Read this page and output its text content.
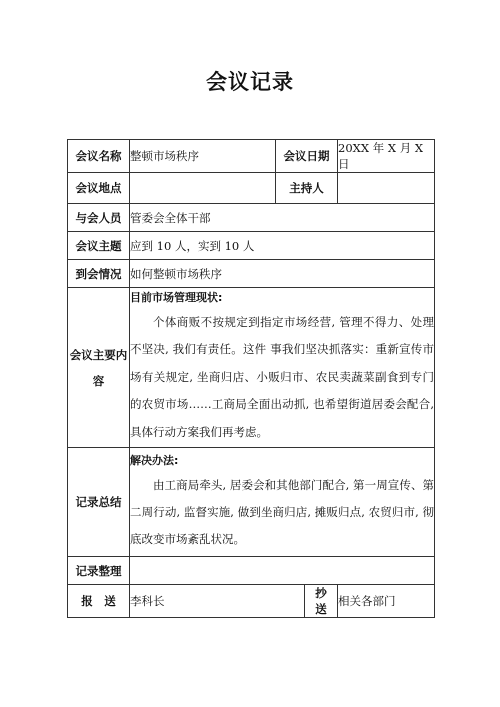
会议记录
会议名称	整顿市场秩序	会议日期		20XX 年 X 月 X 日
会议地点		主持人		
与会人员	管委会全体干部			
会议主题	应到 10 人，实到 10 人			
到会情况	如何整顿市场秩序			
会议主要内容	目前市场管理现状:
个体商贩不按规定到指定市场经营, 管理不得力、处理不坚决, 我们有责任。这件 事我们坚决抓落实：重新宣传市场有关规定, 坐商归店、小贩归市、农民卖蔬菜副食到专门 的农贸市场……工商局全面出动抓, 也希望街道居委会配合, 具体行动方案我们再考虑。			

记录总结	解决办法:
由工商局牵头, 居委会和其他部门配合, 第一周宣传、第二周行动, 监督实施, 做到坐商归店, 摊贩归点, 农贸归市, 彻底改变市场紊乱状况。			

记录整理				
报　送	李科长		抄　送	相关各部门
